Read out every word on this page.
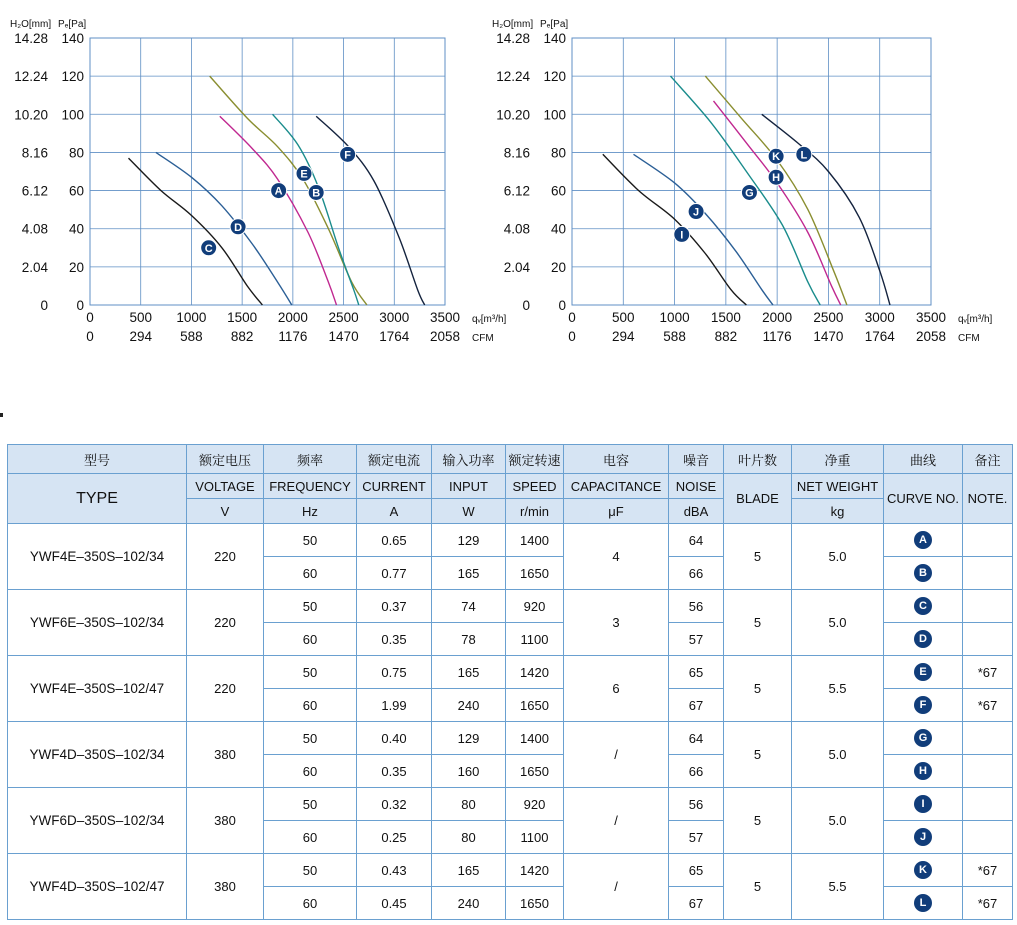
14.28
12.24
10.20
8.16
6.12
4.08
2.04
0
140
120
100
80
60
40
20
0
0	500 1000 1500 2000 2500 3000 3500
0	294 588 882 1176 1470 1764 2058
H₂O[mm] Pₑ[Pa]
qᵥ[m³/h]
CFM
C
D
A
E
B
F
14.28
12.24
10.20
8.16
6.12
4.08
2.04
0
140
120
100
80
60
40
20
0
0	500 1000 1500 2000 2500 3000 3500
0	294 588 882 1176 1470 1764 2058
H₂O[mm] Pₑ[Pa]
qᵥ[m³/h]
CFM
I
J
G
H
K L
型号	额定电压	频率	额定电流	输入功率	额定转速	电容	噪音	叶片数	净重	曲线	备注
TYPE	VOLTAGE	FREQUENCY	CURRENT	INPUT	SPEED	CAPACITANCE	NOISE	BLADE	NET WEIGHT	CURVE NO.	NOTE.
	V	Hz	A	W	r/min	μF	dBA		kg		
YWF4E–350S–102/34	220	50	0.65	129	1400	4	64	5	5.0	A	
		60	0.77	165	1650		66			B	
YWF6E–350S–102/34	220	50	0.37	74	920	3	56	5	5.0	C	
		60	0.35	78	1100		57			D	
YWF4E–350S–102/47	220	50	0.75	165	1420	6	65	5	5.5	E	*67
		60	1.99	240	1650		67			F	*67
YWF4D–350S–102/34	380	50	0.40	129	1400	/	64	5	5.0	G	
		60	0.35	160	1650		66			H	
YWF6D–350S–102/34	380	50	0.32	80	920	/	56	5	5.0	I	
		60	0.25	80	1100		57			J	
YWF4D–350S–102/47	380	50	0.43	165	1420	/	65	5	5.5	K	*67
		60	0.45	240	1650		67			L	*67
